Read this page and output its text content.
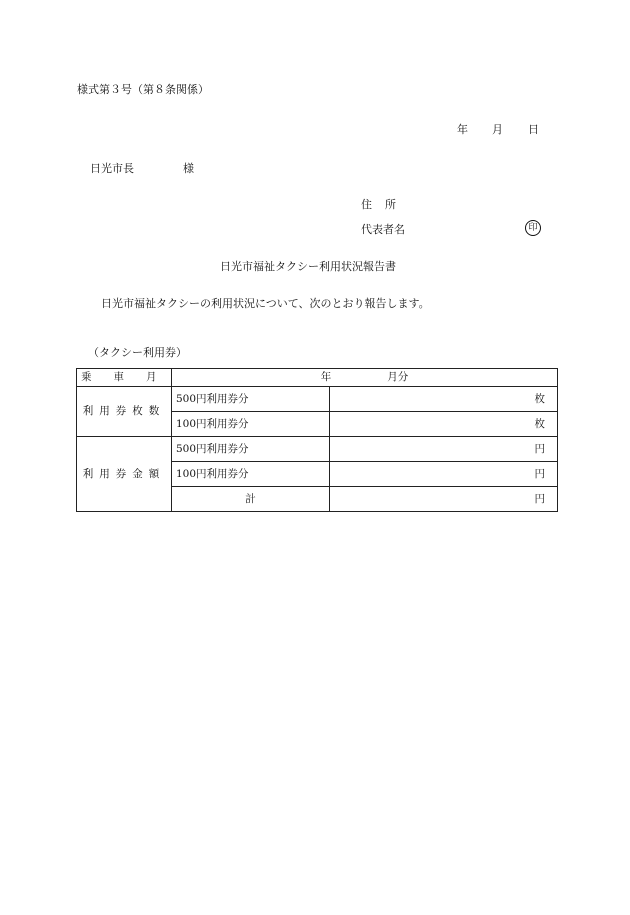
様式第３号（第８条関係）
年 月 日
日光市長	様
住所
代表者名	印
日光市福祉タクシー利用状況報告書
日光市福祉タクシーの利用状況について、次のとおり報告します。
（タクシー利用券）
乗車月	年 月分	
利用券枚数	500円利用券分	枚
	100円利用券分	枚
利用券金額	500円利用券分	円
	100円利用券分	円
	計	円
